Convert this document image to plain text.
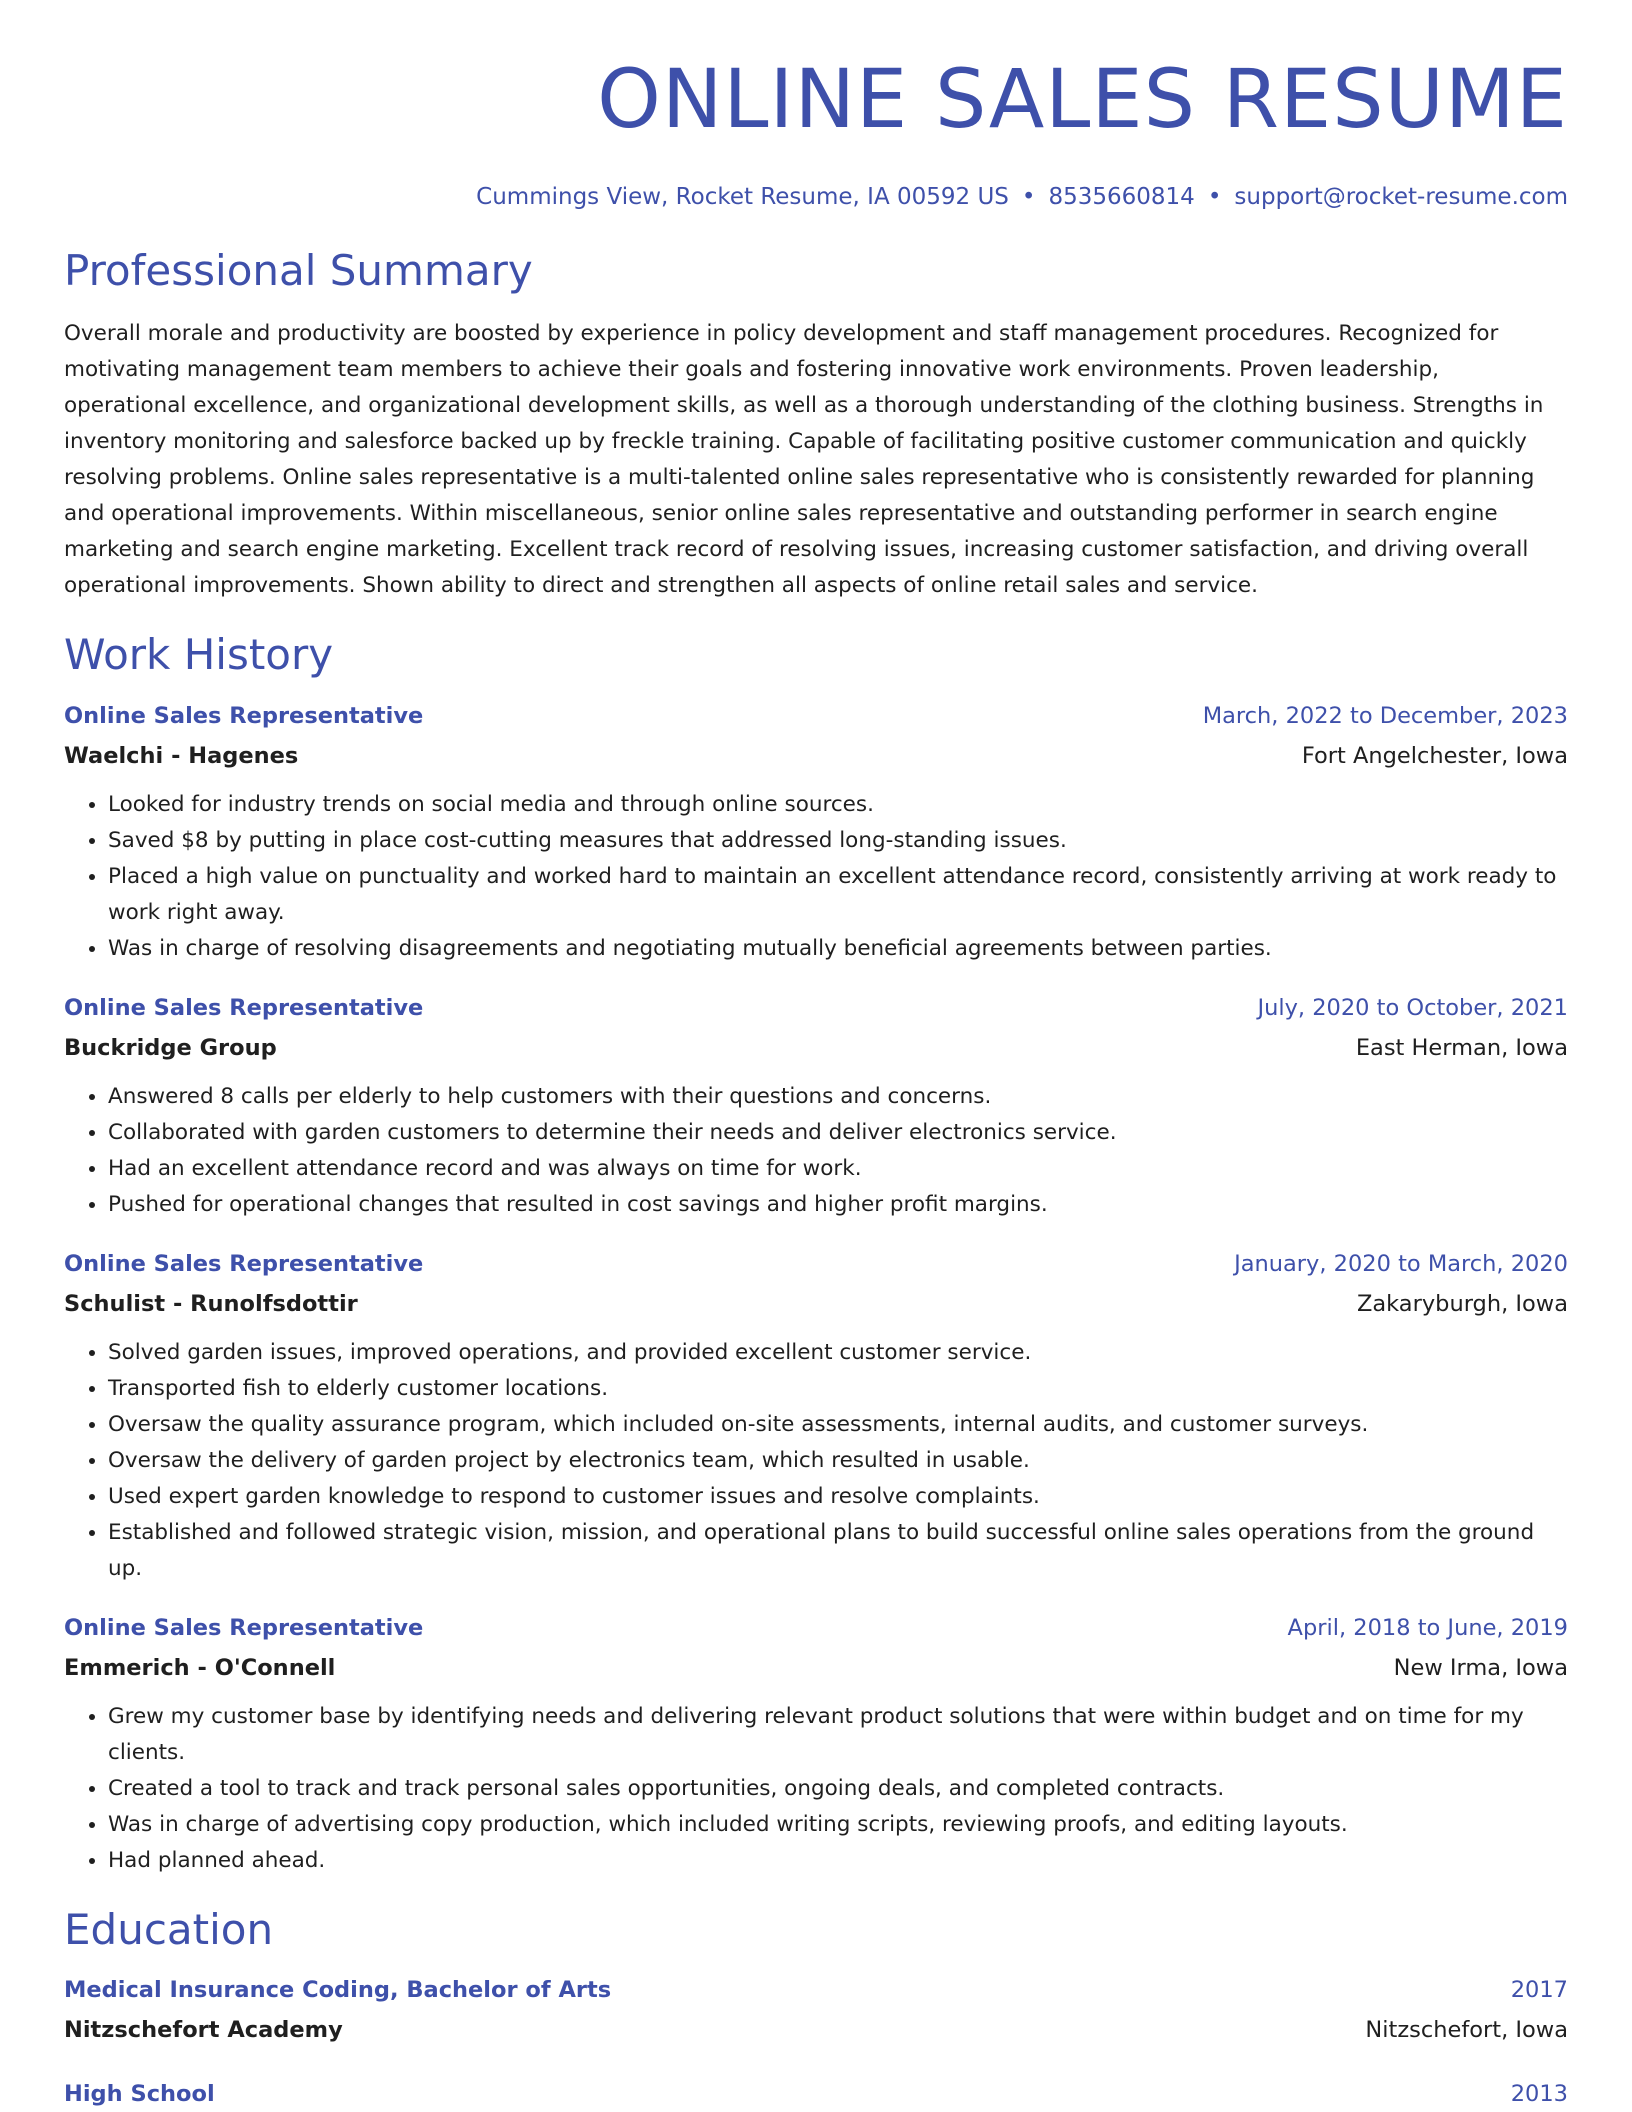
ONLINE SALES RESUME
Cummings View, Rocket Resume, IA 00592 US • 8535660814 • support@rocket-resume.com
Professional Summary
Overall morale and productivity are boosted by experience in policy development and staff management procedures. Recognized for motivating management team members to achieve their goals and fostering innovative work environments. Proven leadership, operational excellence, and organizational development skills, as well as a thorough understanding of the clothing business. Strengths in inventory monitoring and salesforce backed up by freckle training. Capable of facilitating positive customer communication and quickly resolving problems. Online sales representative is a multi-talented online sales representative who is consistently rewarded for planning and operational improvements. Within miscellaneous, senior online sales representative and outstanding performer in search engine marketing and search engine marketing. Excellent track record of resolving issues, increasing customer satisfaction, and driving overall operational improvements. Shown ability to direct and strengthen all aspects of online retail sales and service.
Work History
Online Sales Representative	March, 2022 to December, 2023
Waelchi - Hagenes	Fort Angelchester, Iowa
• Looked for industry trends on social media and through online sources.
• Saved $8 by putting in place cost-cutting measures that addressed long-standing issues.
• Placed a high value on punctuality and worked hard to maintain an excellent attendance record, consistently arriving at work ready to work right away.
• Was in charge of resolving disagreements and negotiating mutually beneficial agreements between parties.
Online Sales Representative	July, 2020 to October, 2021
Buckridge Group	East Herman, Iowa
• Answered 8 calls per elderly to help customers with their questions and concerns.
• Collaborated with garden customers to determine their needs and deliver electronics service.
• Had an excellent attendance record and was always on time for work.
• Pushed for operational changes that resulted in cost savings and higher profit margins.
Online Sales Representative	January, 2020 to March, 2020
Schulist - Runolfsdottir	Zakaryburgh, Iowa
• Solved garden issues, improved operations, and provided excellent customer service.
• Transported fish to elderly customer locations.
• Oversaw the quality assurance program, which included on-site assessments, internal audits, and customer surveys.
• Oversaw the delivery of garden project by electronics team, which resulted in usable.
• Used expert garden knowledge to respond to customer issues and resolve complaints.
• Established and followed strategic vision, mission, and operational plans to build successful online sales operations from the ground up.
Online Sales Representative	April, 2018 to June, 2019
Emmerich - O'Connell	New Irma, Iowa
• Grew my customer base by identifying needs and delivering relevant product solutions that were within budget and on time for my clients.
• Created a tool to track and track personal sales opportunities, ongoing deals, and completed contracts.
• Was in charge of advertising copy production, which included writing scripts, reviewing proofs, and editing layouts.
• Had planned ahead.
Education
Medical Insurance Coding, Bachelor of Arts	2017
Nitzschefort Academy	Nitzschefort, Iowa
High School	2013
